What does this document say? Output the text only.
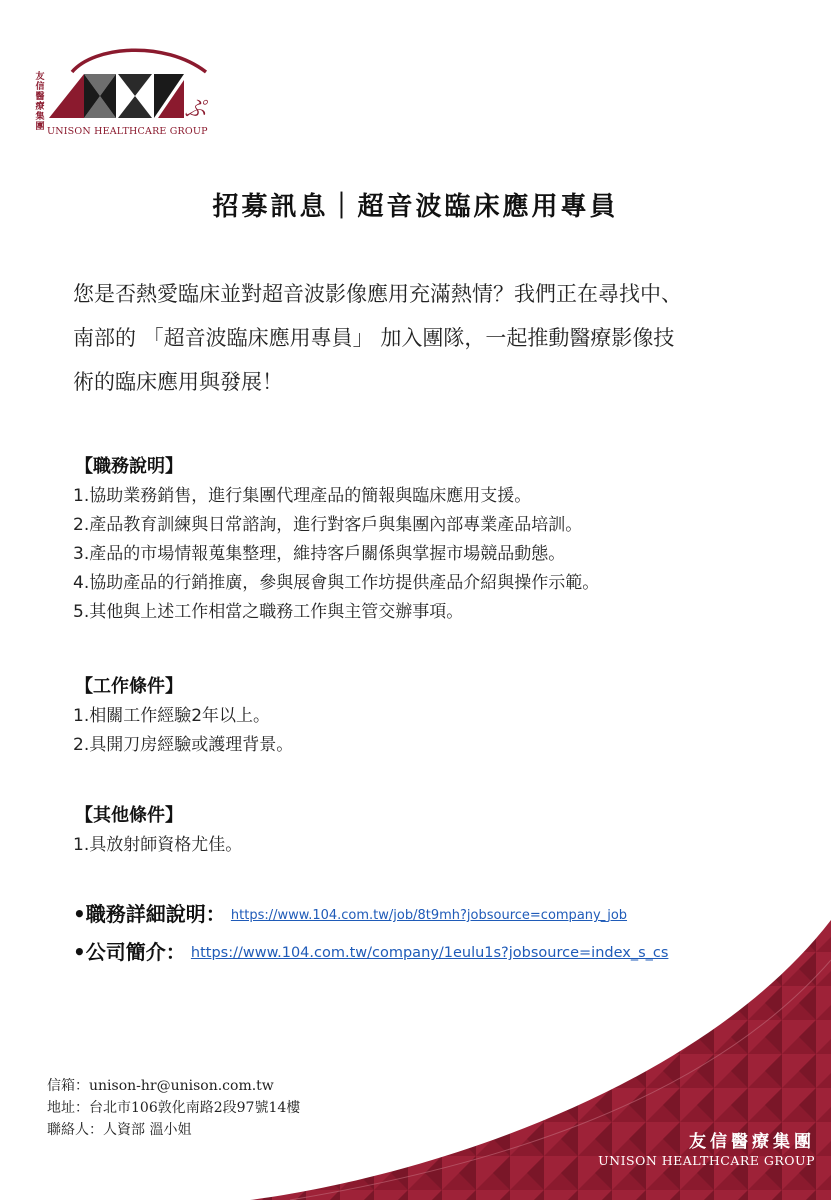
ぷ
友
信
醫
療
集
團 UNISON HEALTHCARE GROUP
招募訊息｜超音波臨床應用專員
您是否熱愛臨床並對超音波影像應用充滿熱情？我們正在尋找中、
南部的 「超音波臨床應用專員」 加入團隊，一起推動醫療影像技
術的臨床應用與發展！
【職務說明】
1.協助業務銷售，進行集團代理產品的簡報與臨床應用支援。
2.產品教育訓練與日常諮詢，進行對客戶與集團內部專業產品培訓。
3.產品的市場情報蒐集整理，維持客戶關係與掌握市場競品動態。
4.協助產品的行銷推廣，參與展會與工作坊提供產品介紹與操作示範。
5.其他與上述工作相當之職務工作與主管交辦事項。
【工作條件】
1.相關工作經驗2年以上。
2.具開刀房經驗或護理背景。
【其他條件】
1.具放射師資格尤佳。
•職務詳細說明： https://www.104.com.tw/job/8t9mh?jobsource=company_job
•公司簡介： https://www.104.com.tw/company/1eulu1s?jobsource=index_s_cs
信箱：unison-hr@unison.com.tw
地址：台北市106敦化南路2段97號14樓
聯絡人：人資部 溫小姐
友信醫療集團
UNISON HEALTHCARE GROUP
